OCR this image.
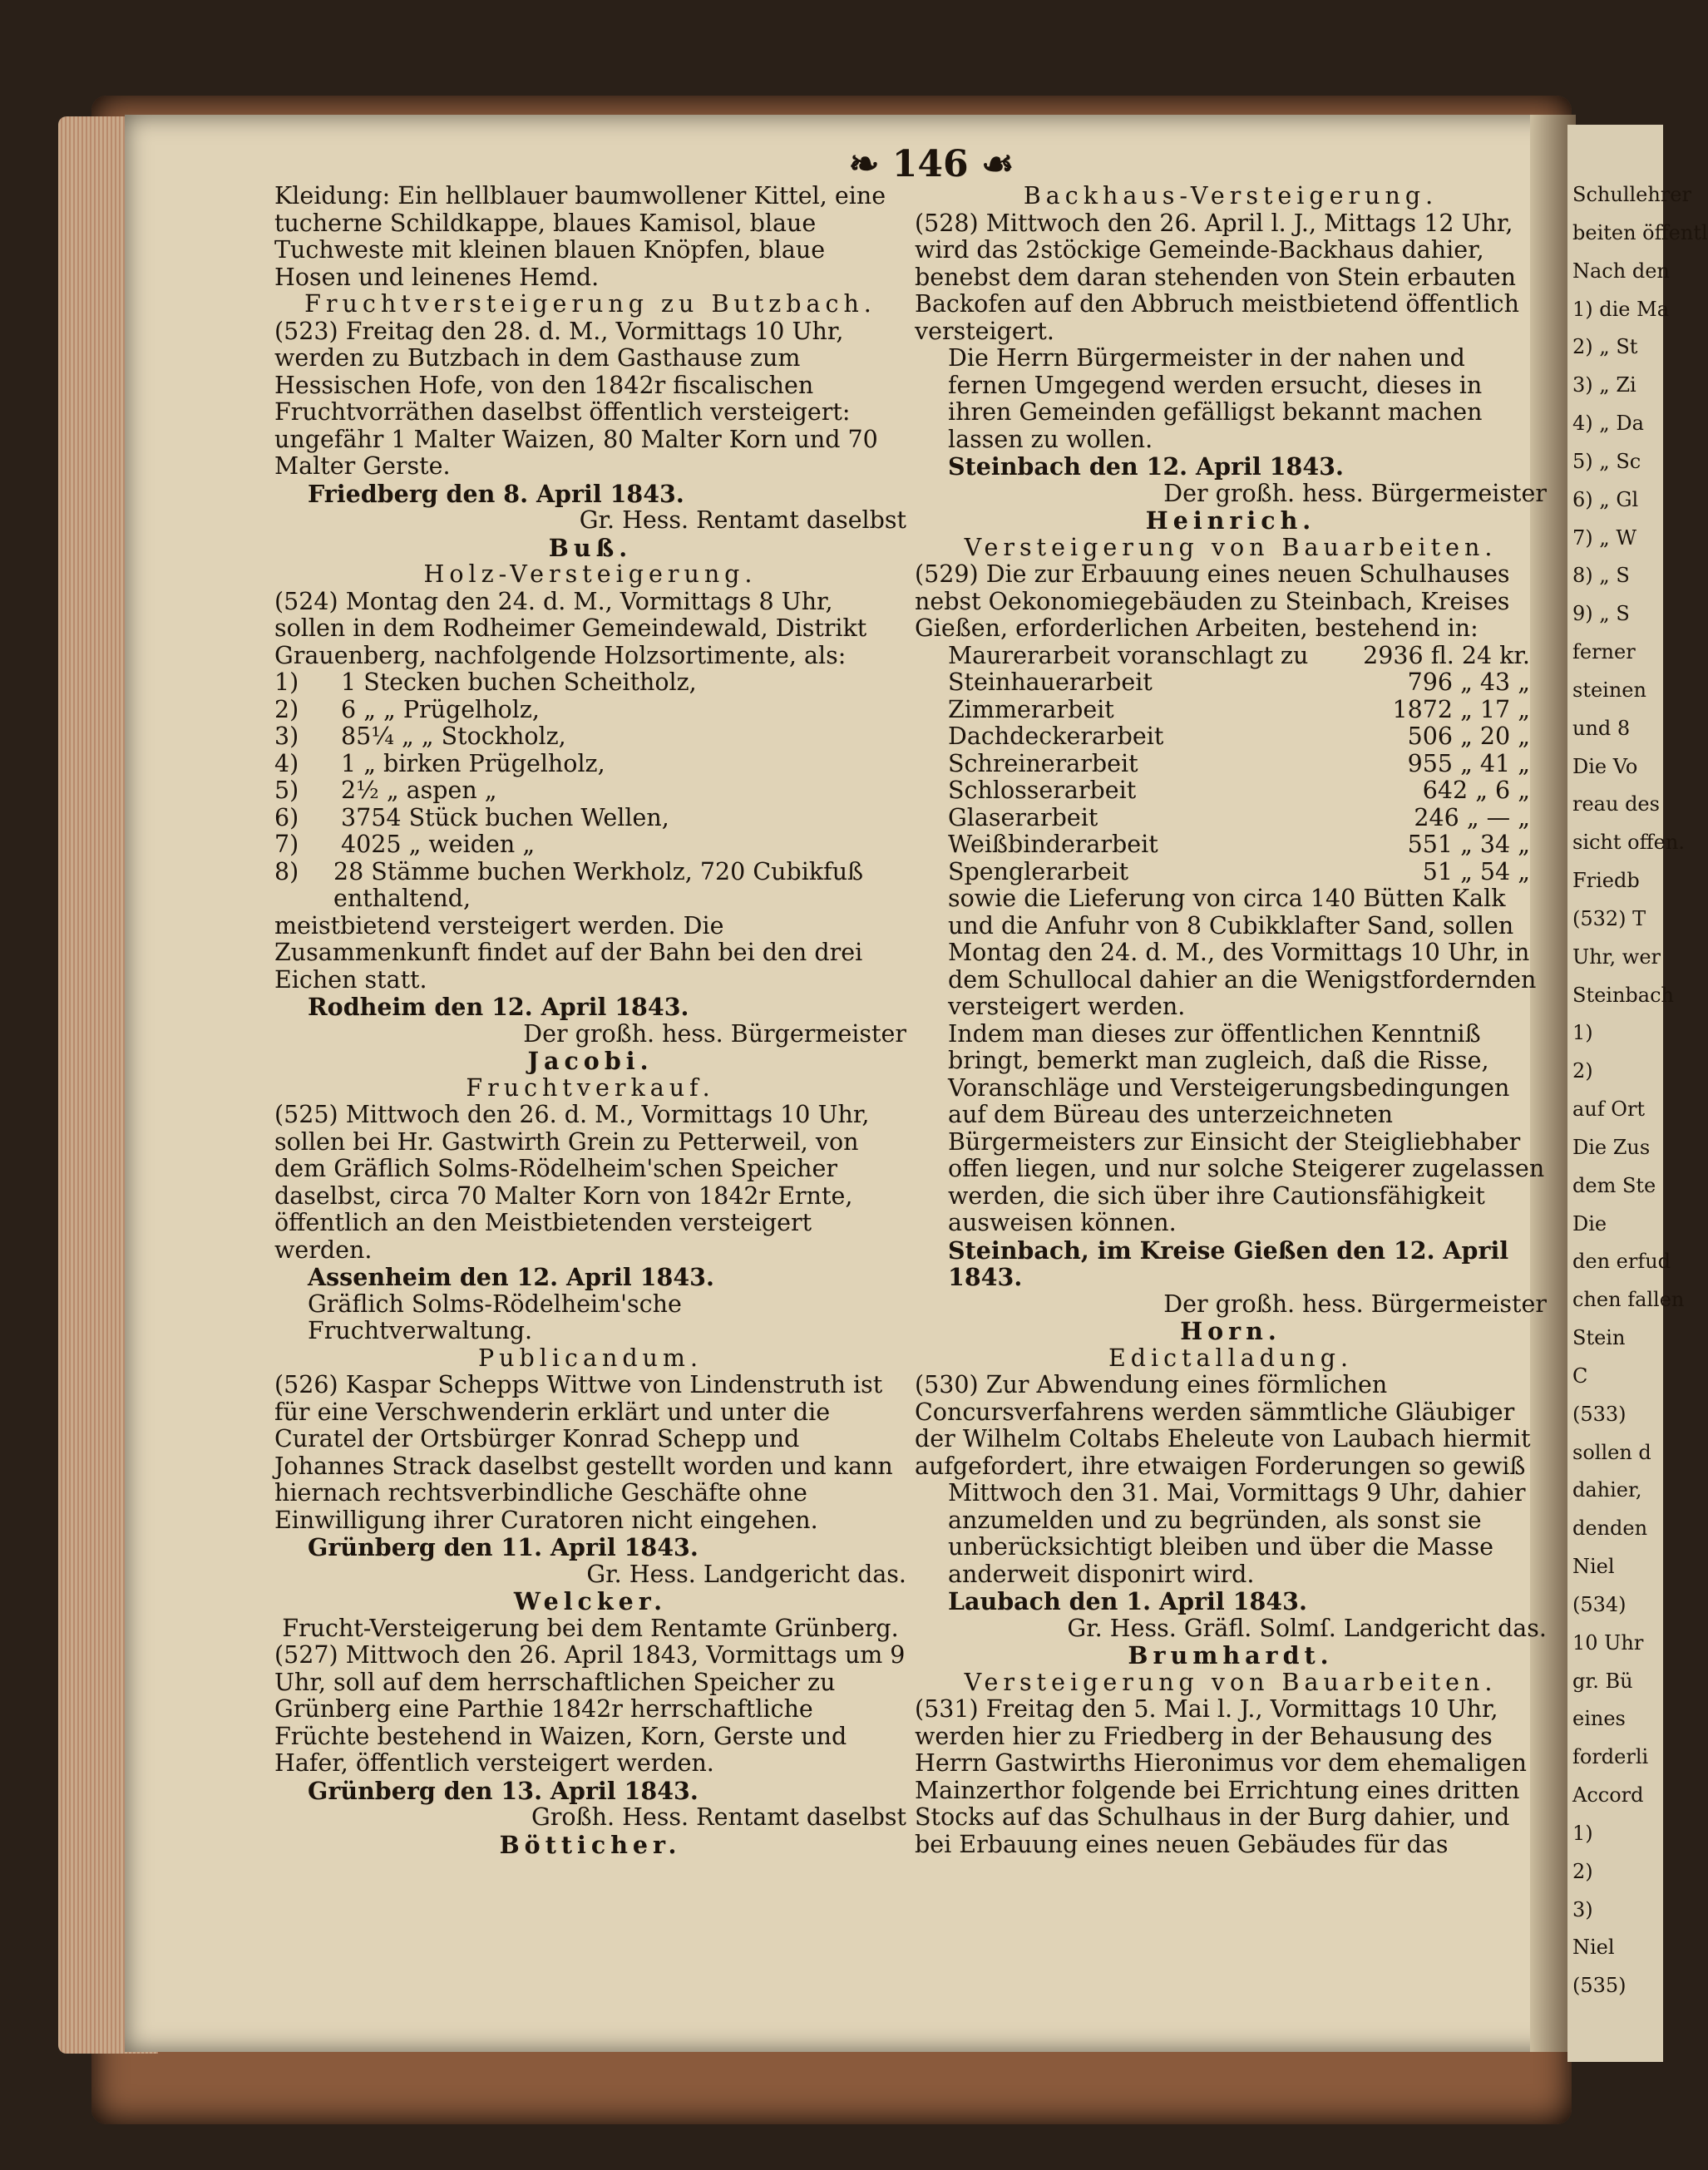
Schullehrer
beiten öffentl
Nach den
1) die Ma
2) „ St
3) „ Zi
4) „ Da
5) „ Sc
6) „ Gl
7) „ W
8) „ S
9) „ S
ferner
steinen
und 8
Die Vo
reau des
sicht offen.
Friedb
(532) T
Uhr, wer
Steinbach
1)
2)
auf Ort
Die Zus
dem Ste
Die
den erfud
chen fallen
Stein
C
(533)
sollen d
dahier,
denden
Niel
(534)
10 Uhr
gr. Bü
eines
forderli
Accord
1)
2)
3)
Niel
(535)
❧ 146 ☙

Kleidung: Ein hellblauer baumwollener Kittel, eine tucherne Schildkappe, blaues Kamisol, blaue Tuchweste mit kleinen blauen Knöpfen, blaue Hosen und leinenes Hemd.

Fruchtversteigerung zu Butzbach.

(523) Freitag den 28. d. M., Vormittags 10 Uhr, werden zu Butzbach in dem Gasthause zum Hessischen Hofe, von den 1842r fiscalischen Fruchtvorräthen daselbst öffentlich versteigert: ungefähr 1 Malter Waizen, 80 Malter Korn und 70 Malter Gerste.

Friedberg den 8. April 1843.

Gr. Hess. Rentamt daselbst

Buß.

Holz-Versteigerung.

(524) Montag den 24. d. M., Vormittags 8 Uhr, sollen in dem Rodheimer Gemeindewald, Distrikt Grauenberg, nachfolgende Holzsortimente, als:

1)	1 Stecken buchen Scheitholz,
2)	6 „ „ Prügelholz,
3)	85¼ „ „ Stockholz,
4)	1 „ birken Prügelholz,
5)	2½ „ aspen „
6)	3754 Stück buchen Wellen,
7)	4025 „ weiden „
8)	28 Stämme buchen Werkholz, 720 Cubikfuß enthaltend,

meistbietend versteigert werden. Die Zusammenkunft findet auf der Bahn bei den drei Eichen statt.

Rodheim den 12. April 1843.

Der großh. hess. Bürgermeister

Jacobi.

Fruchtverkauf.

(525) Mittwoch den 26. d. M., Vormittags 10 Uhr, sollen bei Hr. Gastwirth Grein zu Petterweil, von dem Gräflich Solms-Rödelheim'schen Speicher daselbst, circa 70 Malter Korn von 1842r Ernte, öffentlich an den Meistbietenden versteigert werden.

Assenheim den 12. April 1843.

Gräflich Solms-Rödelheim'sche Fruchtverwaltung.

Publicandum.

(526) Kaspar Schepps Wittwe von Lindenstruth ist für eine Verschwenderin erklärt und unter die Curatel der Ortsbürger Konrad Schepp und Johannes Strack daselbst gestellt worden und kann hiernach rechtsverbindliche Geschäfte ohne Einwilligung ihrer Curatoren nicht eingehen.

Grünberg den 11. April 1843.

Gr. Hess. Landgericht das.

Welcker.

Frucht-Versteigerung bei dem Rentamte Grünberg.

(527) Mittwoch den 26. April 1843, Vormittags um 9 Uhr, soll auf dem herrschaftlichen Speicher zu Grünberg eine Parthie 1842r herrschaftliche Früchte bestehend in Waizen, Korn, Gerste und Hafer, öffentlich versteigert werden.

Grünberg den 13. April 1843.

Großh. Hess. Rentamt daselbst

Bötticher.

Backhaus-Versteigerung.

(528) Mittwoch den 26. April l. J., Mittags 12 Uhr, wird das 2stöckige Gemeinde-Backhaus dahier, benebst dem daran stehenden von Stein erbauten Backofen auf den Abbruch meistbietend öffentlich versteigert.

Die Herrn Bürgermeister in der nahen und fernen Umgegend werden ersucht, dieses in ihren Gemeinden gefälligst bekannt machen lassen zu wollen.

Steinbach den 12. April 1843.

Der großh. hess. Bürgermeister

Heinrich.

Versteigerung von Bauarbeiten.

(529) Die zur Erbauung eines neuen Schulhauses nebst Oekonomiegebäuden zu Steinbach, Kreises Gießen, erforderlichen Arbeiten, bestehend in:

Maurerarbeit voranschlagt zu 2936 fl. 24 kr.
Steinhauerarbeit	796 „ 43 „
Zimmerarbeit	1872 „ 17 „
Dachdeckerarbeit	506 „ 20 „
Schreinerarbeit	955 „ 41 „
Schlosserarbeit	642 „ 6 „
Glaserarbeit	246 „ — „
Weißbinderarbeit	551 „ 34 „
Spenglerarbeit	51 „ 54 „

sowie die Lieferung von circa 140 Bütten Kalk und die Anfuhr von 8 Cubikklafter Sand, sollen Montag den 24. d. M., des Vormittags 10 Uhr, in dem Schullocal dahier an die Wenigstfordernden versteigert werden.

Indem man dieses zur öffentlichen Kenntniß bringt, bemerkt man zugleich, daß die Risse, Voranschläge und Versteigerungsbedingungen auf dem Büreau des unterzeichneten Bürgermeisters zur Einsicht der Steigliebhaber offen liegen, und nur solche Steigerer zugelassen werden, die sich über ihre Cautionsfähigkeit ausweisen können.

Steinbach, im Kreise Gießen den 12. April 1843.

Der großh. hess. Bürgermeister

Horn.

Edictalladung.

(530) Zur Abwendung eines förmlichen Concursverfahrens werden sämmtliche Gläubiger der Wilhelm Coltabs Eheleute von Laubach hiermit aufgefordert, ihre etwaigen Forderungen so gewiß

Mittwoch den 31. Mai, Vormittags 9 Uhr, dahier anzumelden und zu begründen, als sonst sie unberücksichtigt bleiben und über die Masse anderweit disponirt wird.

Laubach den 1. April 1843.

Gr. Hess. Gräfl. Solmſ. Landgericht das.

Brumhardt.

Versteigerung von Bauarbeiten.

(531) Freitag den 5. Mai l. J., Vormittags 10 Uhr, werden hier zu Friedberg in der Behausung des Herrn Gastwirths Hieronimus vor dem ehemaligen Mainzerthor folgende bei Errichtung eines dritten Stocks auf das Schulhaus in der Burg dahier, und bei Erbauung eines neuen Gebäudes für das
